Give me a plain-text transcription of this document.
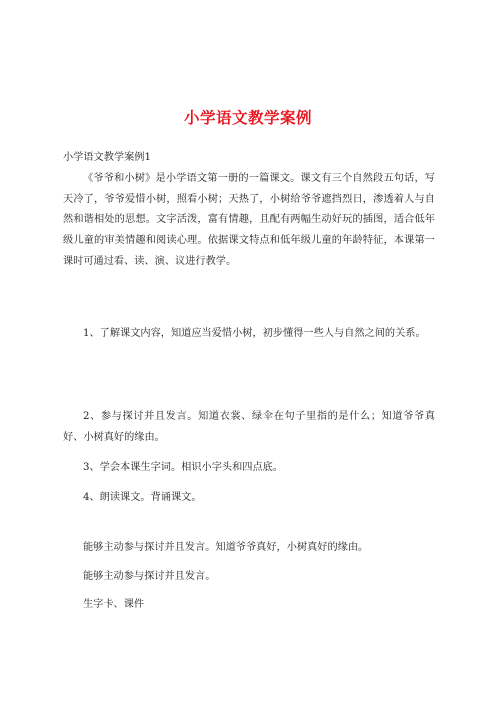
小学语文教学案例

小学语文教学案例1

《爷爷和小树》是小学语文第一册的一篇课文。课文有三个自然段五句话，写天冷了，爷爷爱惜小树，照看小树；天热了，小树给爷爷遮挡烈日，渗透着人与自然和谐相处的思想。文字活泼，富有情趣，且配有两幅生动好玩的插图，适合低年级儿童的审美情趣和阅读心理。依据课文特点和低年级儿童的年龄特征，本课第一课时可通过看、读、演、议进行教学。

1、了解课文内容，知道应当爱惜小树，初步懂得一些人与自然之间的关系。

2、参与探讨并且发言。知道衣裳、绿伞在句子里指的是什么；知道爷爷真好、小树真好的缘由。

3、学会本课生字词。相识小字头和四点底。

4、朗读课文。背诵课文。

能够主动参与探讨并且发言。知道爷爷真好，小树真好的缘由。

能够主动参与探讨并且发言。

生字卡、课件
